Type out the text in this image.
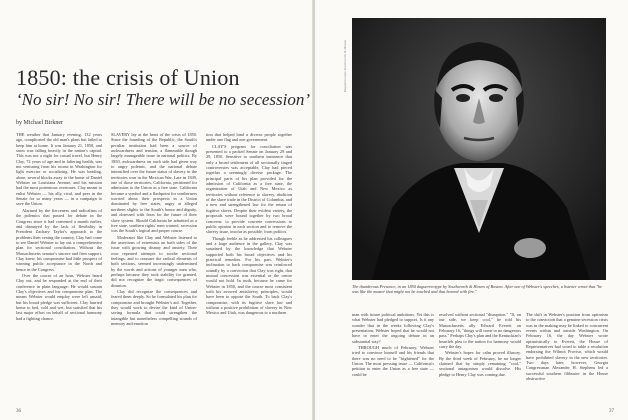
1850: the crisis of Union
‘No sir! No sir! There will be no secession’
by Michael Birkner

THE weather that January evening, 132 years ago, complicated the old man's plans but failed to keep him at home. It was January 21, 1850, and snow was falling heavily in the nation's capital. This was not a night for casual travel, but Henry Clay, 72 years of age and in faltering health, was not venturing from his rooms in Washington for light exercise or socializing. He was heading, alone, several blocks away to the home of Daniel Webster on Louisiana Avenue, and his mission had the most portentous overtones. Clay meant to enlist Webster — his ally, rival, and peer in the Senate for so many years — in a campaign to save the Union.

Alarmed by the fierceness and radicalism of the polemics that passed for debate in the Congress since it had convened a month earlier, and dismayed by the lack of flexibility in President Zachary Taylor's approach to the problems then vexing the country, Clay had come to see Daniel Webster to lay out a comprehensive plan for sectional conciliation. Without the Massachusetts senator's sincere and firm support, Clay knew, his compromise had little prospect of winning public acceptance in the North and hence in the Congress.

Over the course of an hour, Webster heard Clay out, and he responded at the end of their conference in plain language: He would sustain Clay's objectives and his compromise plan. The means Webster would employ were left unsaid, but his broad pledge was sufficient. Clay hurried home to bed, cold and wet, but satisfied that his last major effort on behalf of sectional harmony had a fighting chance.

SLAVERY lay at the heart of the crisis of 1850. Since the founding of the Republic, the South's peculiar institution had been a source of awkwardness and tension, a flammable though largely manageable issue in national politics. By 1850, awkwardness on each side had given way to angry polemic, and the national debate intensified over the future status of slavery in the territories won in the Mexican War. Late in 1849, one of those territories, California, petitioned for admission to the Union as a free state. California became a symbol and a flashpoint for southerners worried about their prospects in a Union dominated by free states, angry at alleged northern slights to the South's honor and dignity, and obsessed with fears for the future of their slave system. Should California be admitted as a free state, southern rights' men warned, secession was the South's logical and proper course.

Moderates like Clay and Webster listened to the assertions of extremists on both sides of the issue with growing dismay and anxiety. Their own repeated attempts to soothe sectional feelings, and to reassure the radical elements of both sections, seemed increasingly undermined by the words and actions of younger men who, perhaps because they took stability for granted, did not recognize the tragic consequences of disunion.

Clay did recognize the consequences and feared them deeply. So he formulated his plan for compromise and brought Webster's aid. Together, they would work to devise the kind of Union-saving formula that could strengthen the intangible but nonetheless compelling strands of memory and emotion

tion that helped bind a diverse people together under one flag and one government.

CLAY'S program for conciliation was presented to a packed Senate on January 29 and 29, 1850. Sensitive to southern insistence that only a broad settlement of all sectionally tinged controversies was acceptable, Clay had pieced together a seemingly diverse package. The principal parts of his plan provided for the admission of California as a free state, the organization of Utah and New Mexico as territories without reference to slavery, abolition of the slave trade in the District of Columbia, and a new and strengthened law for the return of fugitive slaves. Despite their evident variety, the proposals were bound together by two broad concerns: to provide concrete concessions to public opinion in each section and to remove the slavery issue, insofar as possible, from politics.

Though feeble as he addressed his colleagues and a large audience in the gallery, Clay was sustained by the knowledge that Webster supported both his broad objectives and his practical remedies. For his part, Webster's inclination to back compromise was reinforced soundly by a conviction that Clay was right, that mutual concession was essential or the centre would not hold. In truth, because he came for Webster in 1850, and the course most consistent with his avowed antislavery principles, would have been to oppose the South. To back Clay's compromise, with its fugitive slave law and without a positive prohibition of slavery in New Mexico and Utah, was dangerous to a northern

36	37
Daguerreotype Southworth & Hawes
The thunderous Presence, in an 1850 daguerreotype by Southworth & Hawes of Boston. After one of Webster's speeches, a listener wrote that "he was like the master that might not be touched and that burned with fire."

man with future political ambitions. Yet this is what Webster had pledged to support. Is it any wonder that in the weeks following Clay's presentation, Webster hoped that he would not have to enter the ongoing debate in an substantial way?

THROUGH much of February, Webster tried to convince himself and his friends that there was no need to be "frightened" for the Union. The most pressing issue — California's petition to enter the Union as a free state — could be

resolved without sectional "disruption." "If, on our side, we keep cool," he told his Massachusetts ally Edward Everett on February 16, "things will come to no dangerous pass." Perhaps Clay's plan and the Kentuckian's heartfelt plea to the nation for harmony would carry the day.

Webster's hopes for calm proved illusory. By the third week of February, he no longer claimed that by simply remaining "cool," sectional antagonism would dissolve. His pledge to Henry Clay was coming due.

The shift in Webster's position from optimism to the conviction that a genuine secession crisis was in the making may be linked to concurrent events within and outside Washington. On February 16, the day Webster wrote optimistically to Everett, the House of Representatives had voted to table a resolution endorsing the Wilmot Proviso, which would have prohibited slavery in the new territories. Two days later, however, Georgia Congressman Alexander H. Stephens led a successful southern filibuster in the House obstructive
